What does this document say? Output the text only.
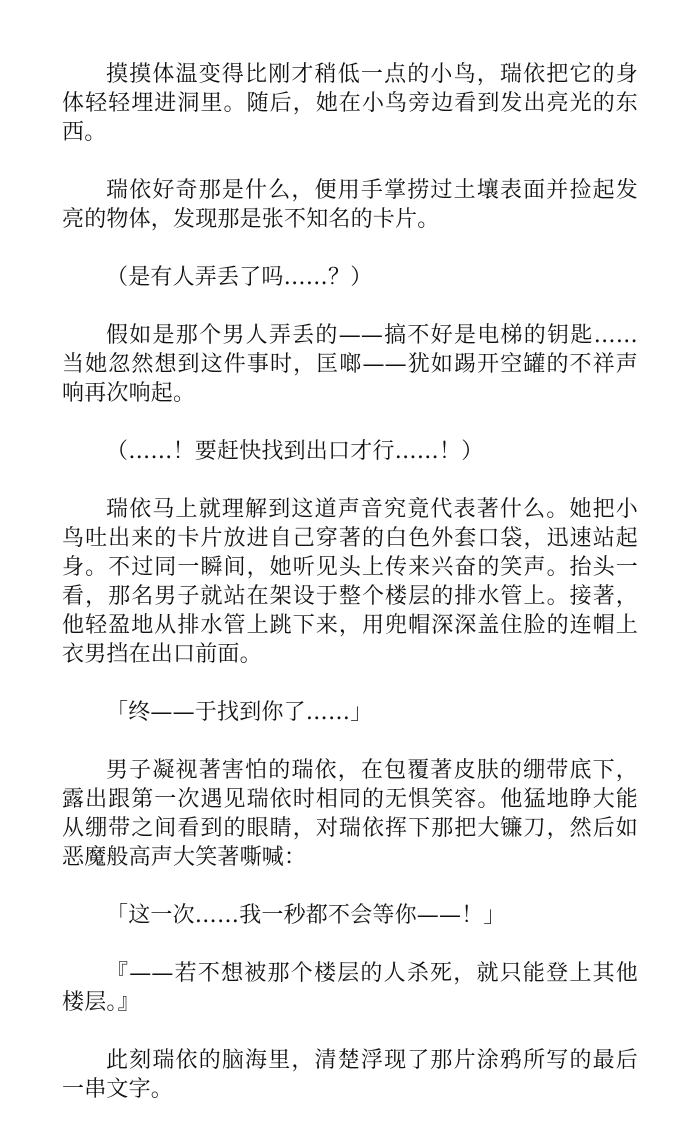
摸摸体温变得比刚才稍低一点的小鸟，瑞依把它的身体轻轻埋进洞里。随后，她在小鸟旁边看到发出亮光的东西。

瑞依好奇那是什么，便用手掌捞过土壤表面并捡起发亮的物体，发现那是张不知名的卡片。

（是有人弄丢了吗……？）

假如是那个男人弄丢的——搞不好是电梯的钥匙……当她忽然想到这件事时，匡啷——犹如踢开空罐的不祥声响再次响起。

（……！要赶快找到出口才行……！）

瑞依马上就理解到这道声音究竟代表著什么。她把小鸟吐出来的卡片放进自己穿著的白色外套口袋，迅速站起身。不过同一瞬间，她听见头上传来兴奋的笑声。抬头一看，那名男子就站在架设于整个楼层的排水管上。接著，他轻盈地从排水管上跳下来，用兜帽深深盖住脸的连帽上衣男挡在出口前面。

「终——于找到你了……」

男子凝视著害怕的瑞依，在包覆著皮肤的绷带底下，露出跟第一次遇见瑞依时相同的无惧笑容。他猛地睁大能从绷带之间看到的眼睛，对瑞依挥下那把大镰刀，然后如恶魔般高声大笑著嘶喊：

「这一次……我一秒都不会等你——！」

『——若不想被那个楼层的人杀死，就只能登上其他楼层。』

此刻瑞依的脑海里，清楚浮现了那片涂鸦所写的最后一串文字。
